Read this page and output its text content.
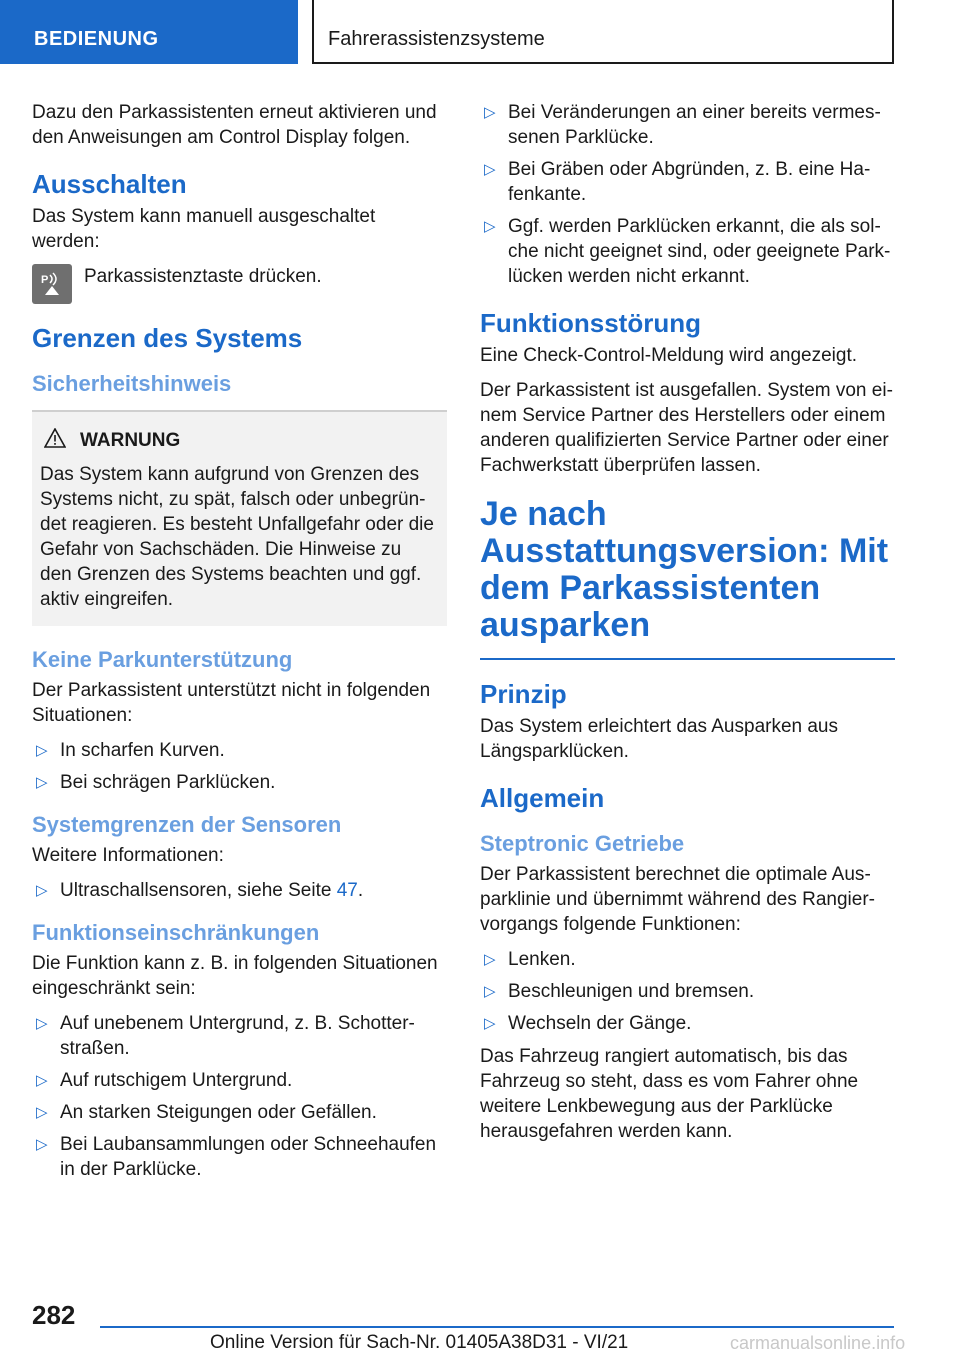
BEDIENUNG	Fahrerassistenzsysteme

Dazu den Parkassistenten erneut aktivieren und den Anweisungen am Control Display folgen.

Ausschalten

Das System kann manuell ausgeschaltet werden:

P Parkassistenztaste drücken.
Grenzen des Systems
Sicherheitshinweis
WARNUNG

Das System kann aufgrund von Grenzen des Systems nicht, zu spät, falsch oder unbegründet reagieren. Es besteht Unfallgefahr oder die Gefahr von Sachschäden. Die Hinweise zu den Grenzen des Systems beachten und ggf. aktiv eingreifen.

Keine Parkunterstützung

Der Parkassistent unterstützt nicht in folgenden Situationen:

▷ In scharfen Kurven.
▷ Bei schrägen Parklücken.
Systemgrenzen der Sensoren

Weitere Informationen:

▷ Ultraschallsensoren, siehe Seite 47.
Funktionseinschränkungen

Die Funktion kann z. B. in folgenden Situationen eingeschränkt sein:

▷ Auf unebenem Untergrund, z. B. Schotterstraßen.
▷ Auf rutschigem Untergrund.
▷ An starken Steigungen oder Gefällen.
▷ Bei Laubansammlungen oder Schneehaufen in der Parklücke.
▷ Bei Veränderungen an einer bereits vermessenen Parklücke.
▷ Bei Gräben oder Abgründen, z. B. eine Hafenkante.
▷ Ggf. werden Parklücken erkannt, die als solche nicht geeignet sind, oder geeignete Parklücken werden nicht erkannt.
Funktionsstörung

Eine Check-Control-Meldung wird angezeigt.

Der Parkassistent ist ausgefallen. System von einem Service Partner des Herstellers oder einem anderen qualifizierten Service Partner oder einer Fachwerkstatt überprüfen lassen.

Je nach Ausstattungsversion: Mit dem Parkassistenten ausparken
Prinzip

Das System erleichtert das Ausparken aus Längsparklücken.

Allgemein
Steptronic Getriebe

Der Parkassistent berechnet die optimale Ausparklinie und übernimmt während des Rangiervorgangs folgende Funktionen:

▷ Lenken.
▷ Beschleunigen und bremsen.
▷ Wechseln der Gänge.

Das Fahrzeug rangiert automatisch, bis das Fahrzeug so steht, dass es vom Fahrer ohne weitere Lenkbewegung aus der Parklücke herausgefahren werden kann.

282
Online Version für Sach-Nr. 01405A38D31 - VI/21	carmanualsonline.info
